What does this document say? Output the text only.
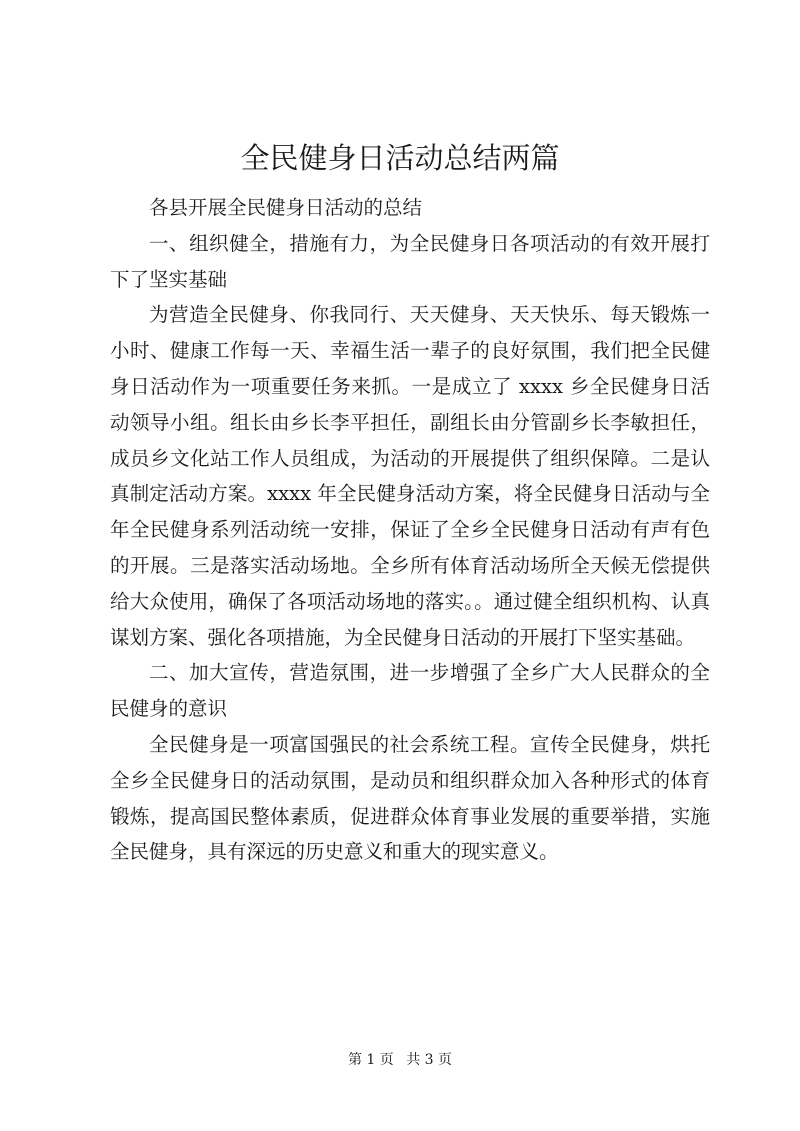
全民健身日活动总结两篇

各县开展全民健身日活动的总结

一、组织健全，措施有力，为全民健身日各项活动的有效开展打下了坚实基础

为营造全民健身、你我同行、天天健身、天天快乐、每天锻炼一小时、健康工作每一天、幸福生活一辈子的良好氛围，我们把全民健身日活动作为一项重要任务来抓。一是成立了 xxxx 乡全民健身日活动领导小组。组长由乡长李平担任，副组长由分管副乡长李敏担任，成员乡文化站工作人员组成，为活动的开展提供了组织保障。二是认真制定活动方案。xxxx 年全民健身活动方案，将全民健身日活动与全年全民健身系列活动统一安排，保证了全乡全民健身日活动有声有色的开展。三是落实活动场地。全乡所有体育活动场所全天候无偿提供给大众使用，确保了各项活动场地的落实。。通过健全组织机构、认真谋划方案、强化各项措施，为全民健身日活动的开展打下坚实基础。

二、加大宣传，营造氛围，进一步增强了全乡广大人民群众的全民健身的意识

全民健身是一项富国强民的社会系统工程。宣传全民健身，烘托全乡全民健身日的活动氛围，是动员和组织群众加入各种形式的体育锻炼，提高国民整体素质，促进群众体育事业发展的重要举措，实施全民健身，具有深远的历史意义和重大的现实意义。

第 1 页 共 3 页
